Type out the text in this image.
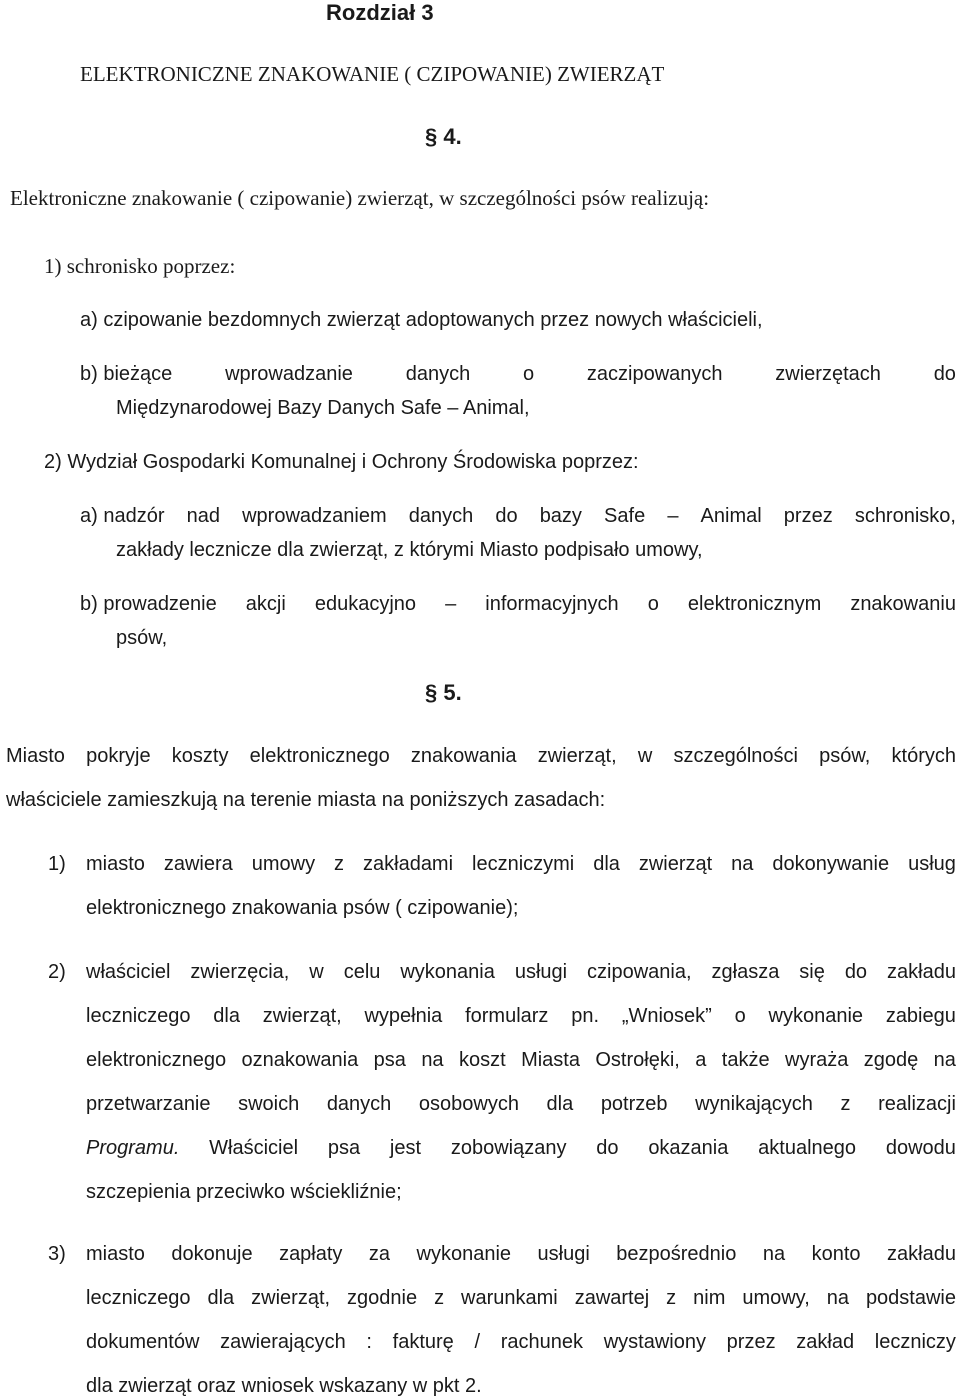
Rozdział 3
ELEKTRONICZNE ZNAKOWANIE ( CZIPOWANIE) ZWIERZĄT
§ 4.
Elektroniczne znakowanie ( czipowanie) zwierząt, w szczególności psów realizują:
1) schronisko poprzez:
a) czipowanie bezdomnych zwierząt adoptowanych przez nowych właścicieli,
b) bieżące	wprowadzanie	danych	o	zaczipowanych	zwierzętach	do
Międzynarodowej Bazy Danych Safe – Animal,
2) Wydział Gospodarki Komunalnej i Ochrony Środowiska poprzez:
a) nadzór nad wprowadzaniem danych do bazy Safe – Animal przez schronisko,
zakłady lecznicze dla zwierząt, z którymi Miasto podpisało umowy,
b) prowadzenie akcji edukacyjno – informacyjnych o elektronicznym znakowaniu
psów,
§ 5.
Miasto pokryje koszty elektronicznego znakowania zwierząt, w szczególności psów, których
właściciele zamieszkują na terenie miasta na poniższych zasadach:
1) miasto zawiera umowy z zakładami leczniczymi dla zwierząt na dokonywanie usług
elektronicznego znakowania psów ( czipowanie);
2) właściciel zwierzęcia, w celu wykonania usługi czipowania, zgłasza się do zakładu
leczniczego dla zwierząt, wypełnia formularz pn. „Wniosek” o wykonanie zabiegu
elektronicznego oznakowania psa na koszt Miasta Ostrołęki, a także wyraża zgodę na
przetwarzanie swoich danych osobowych dla potrzeb wynikających z realizacji
Programu. Właściciel psa jest zobowiązany do okazania aktualnego dowodu
szczepienia przeciwko wściekliźnie;
3) miasto dokonuje zapłaty za wykonanie usługi bezpośrednio na konto zakładu
leczniczego dla zwierząt, zgodnie z warunkami zawartej z nim umowy, na podstawie
dokumentów zawierających : fakturę / rachunek wystawiony przez zakład leczniczy
dla zwierząt oraz wniosek wskazany w pkt 2.
